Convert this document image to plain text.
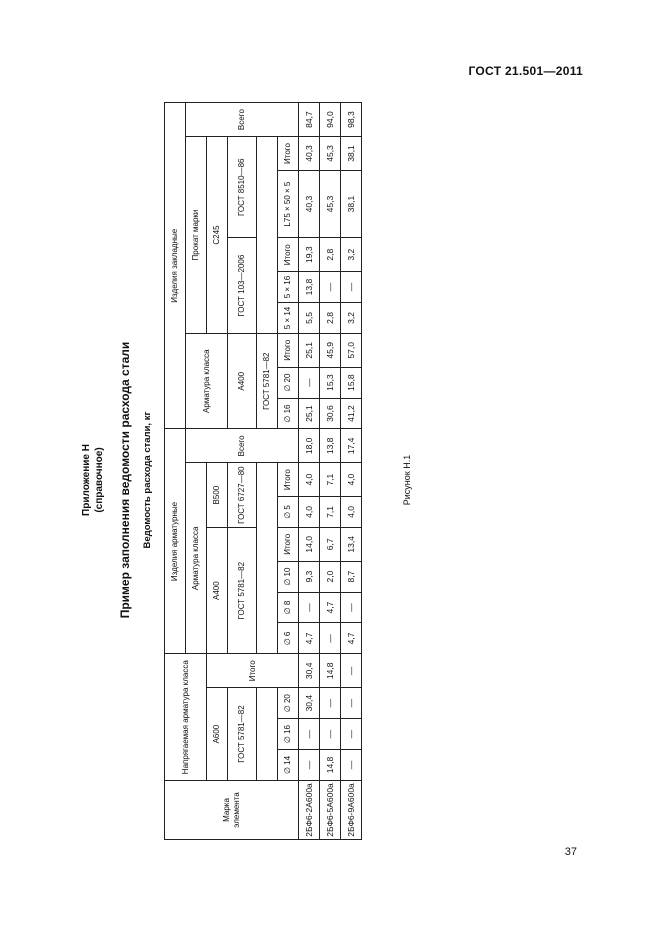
ГОСТ 21.501—2011
Приложение Н (справочное) Пример заполнения ведомости расхода стали Ведомость расхода стали, кг
Марка элемента	Напрягаемая арматура класса				Изделия арматурные							Изделия закладные								
					Арматура класса						Всего	Арматура класса			Прокат марки					Всего
	А600			Итого	А400				В500						С245					
	ГОСТ 5781—82				ГОСТ 5781—82				ГОСТ 6727—80			А400			ГОСТ 103—2006			ГОСТ 8510—86		
												ГОСТ 5781—82								
	∅ 14	∅ 16	∅ 20		∅ 6	∅ 8	∅ 10	Итого	∅ 5	Итого		∅ 16	∅ 20	Итого	5 × 14	5 × 16	Итого	L75 × 50 × 5	Итого	
2БФ6-2А600а	—	—	30,4	30,4	4,7	—	9,3	14,0	4,0	4,0	18,0	25,1	—	25,1	5,5	13,8	19,3	40,3	40,3	84,7
2БФ6-5А600а	14,8	—	—	14,8	—	4,7	2,0	6,7	7,1	7,1	13,8	30,6	15,3	45,9	2,8	—	2,8	45,3	45,3	94,0
2БФ6-9А600а	—	—	—	—	4,7	—	8,7	13,4	4,0	4,0	17,4	41,2	15,8	57,0	3,2	—	3,2	38,1	38,1	98,3
Рисунок Н.1
37
